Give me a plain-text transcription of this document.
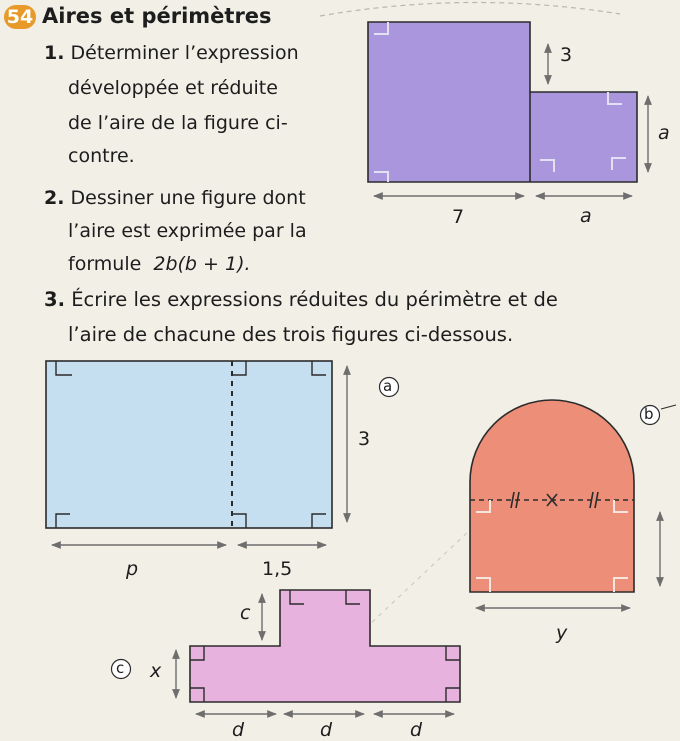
54 Aires et périmètres
1. Déterminer l’expression
développée et réduite
de l’aire de la figure ci-
contre.
2. Dessiner une figure dont
l’aire est exprimée par la
formule 2b(b + 1).
3. Écrire les expressions réduites du périmètre et de
l’aire de chacune des trois figures ci-dessous.
3
a
7	a
a
3
p	1,5
b
y
c
c
x
d	d	d
